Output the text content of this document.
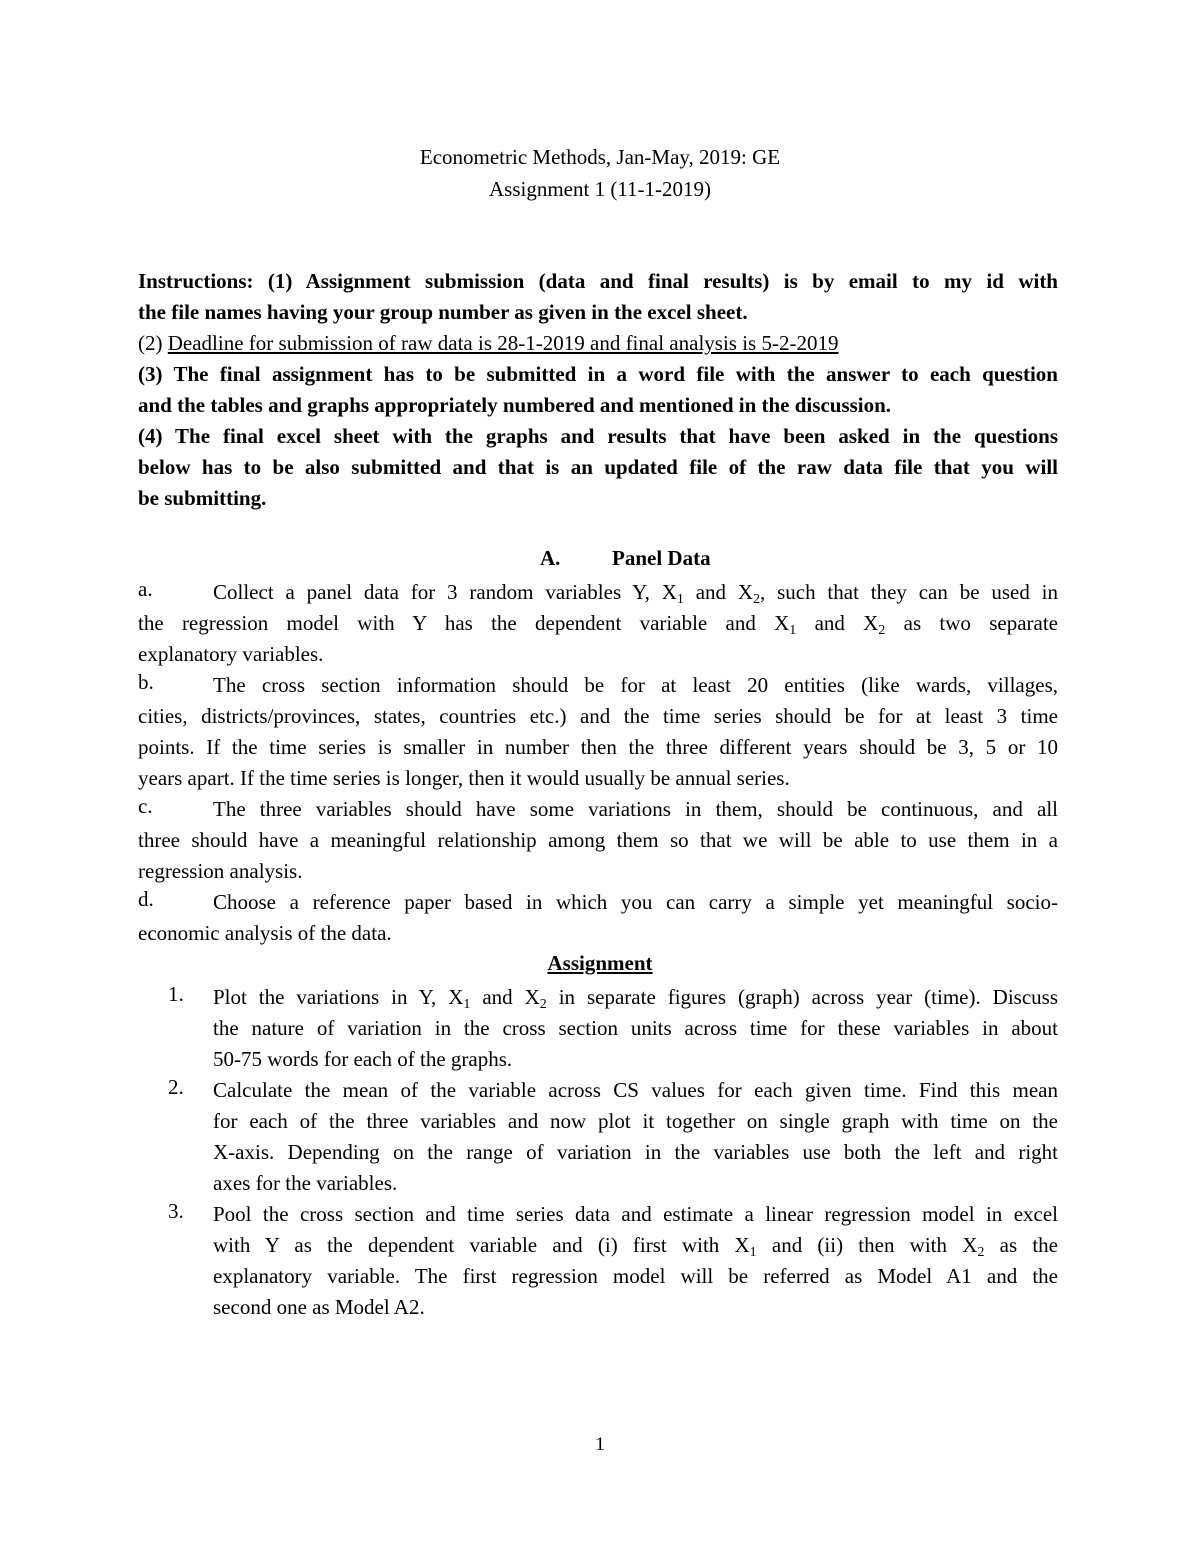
Econometric Methods, Jan-May, 2019: GE
Assignment 1 (11-1-2019)
Instructions: (1) Assignment submission (data and final results) is by email to my id with
the file names having your group number as given in the excel sheet.
(2) Deadline for submission of raw data is 28-1-2019 and final analysis is 5-2-2019
(3) The final assignment has to be submitted in a word file with the answer to each question
and the tables and graphs appropriately numbered and mentioned in the discussion.
(4) The final excel sheet with the graphs and results that have been asked in the questions
below has to be also submitted and that is an updated file of the raw data file that you will
be submitting.
A. Panel Data
a.	Collect a panel data for 3 random variables Y, $X_1$ and $X_2$, such that they can be used in
the regression model with Y has the dependent variable and $X_1$ and $X_2$ as two separate
explanatory variables.
b.	The cross section information should be for at least 20 entities (like wards, villages,
cities, districts/provinces, states, countries etc.) and the time series should be for at least 3 time
points. If the time series is smaller in number then the three different years should be 3, 5 or 10
years apart. If the time series is longer, then it would usually be annual series.
c.	The three variables should have some variations in them, should be continuous, and all
three should have a meaningful relationship among them so that we will be able to use them in a
regression analysis.
d.	Choose a reference paper based in which you can carry a simple yet meaningful socio-
economic analysis of the data.
Assignment
1. Plot the variations in Y, $X_1$ and $X_2$ in separate figures (graph) across year (time). Discuss
the nature of variation in the cross section units across time for these variables in about
50-75 words for each of the graphs.
2. Calculate the mean of the variable across CS values for each given time. Find this mean
for each of the three variables and now plot it together on single graph with time on the
X-axis. Depending on the range of variation in the variables use both the left and right
axes for the variables.
3. Pool the cross section and time series data and estimate a linear regression model in excel
with Y as the dependent variable and (i) first with $X_1$ and (ii) then with $X_2$ as the
explanatory variable. The first regression model will be referred as Model A1 and the
second one as Model A2.
1
